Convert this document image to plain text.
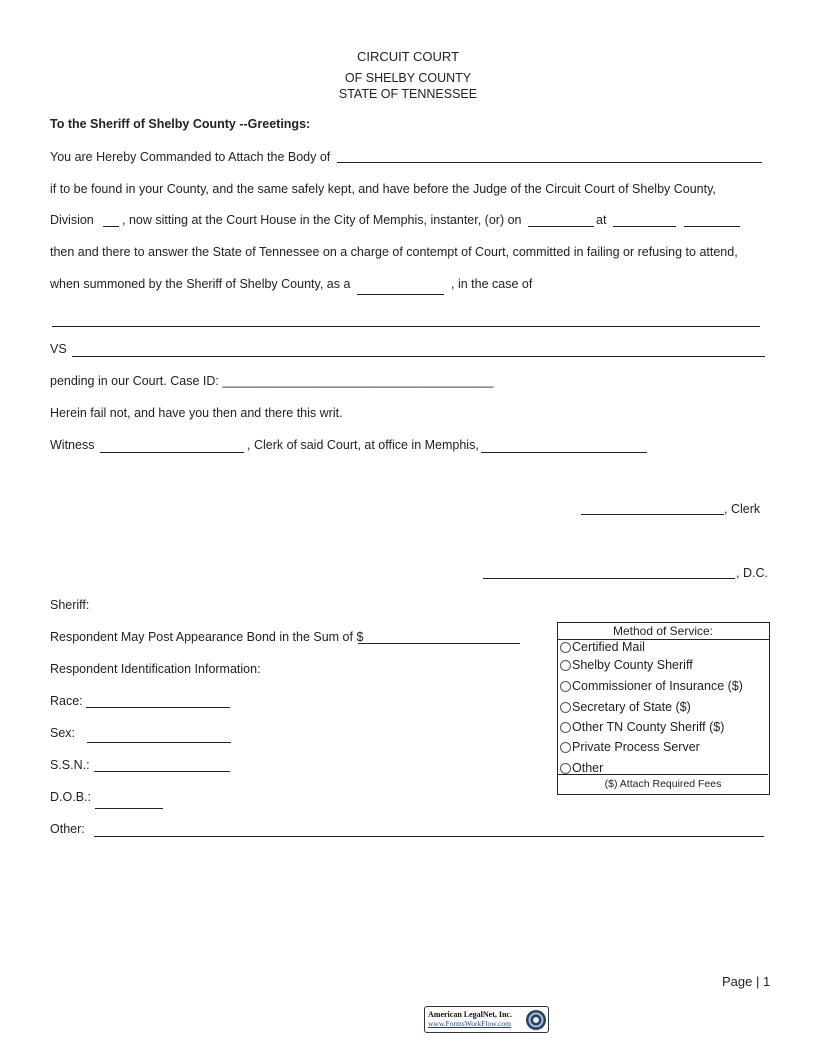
CIRCUIT COURT
OF SHELBY COUNTY
STATE OF TENNESSEE
To the Sheriff of Shelby County --Greetings:
You are Hereby Commanded to Attach the Body of
if to be found in your County, and the same safely kept, and have before the Judge of the Circuit Court of Shelby County,
Division , now sitting at the Court House in the City of Memphis, instanter, (or) on	at
then and there to answer the State of Tennessee on a charge of contempt of Court, committed in failing or refusing to attend,
when summoned by the Sheriff of Shelby County, as a	, in the case of
VS
pending in our Court. Case ID: _______________________________________
Herein fail not, and have you then and there this writ.
Witness	, Clerk of said Court, at office in Memphis,
, Clerk
, D.C.
Sheriff:
Respondent May Post Appearance Bond in the Sum of $
Respondent Identification Information:
Race:
Sex:
S.S.N.:
D.O.B.:
Other:
Method of Service:
Certified Mail
Shelby County Sheriff
Commissioner of Insurance ($)
Secretary of State ($)
Other TN County Sheriff ($)
Private Process Server
Other
($) Attach Required Fees
Page | 1
American LegalNet, Inc.
www.FormsWorkFlow.com
